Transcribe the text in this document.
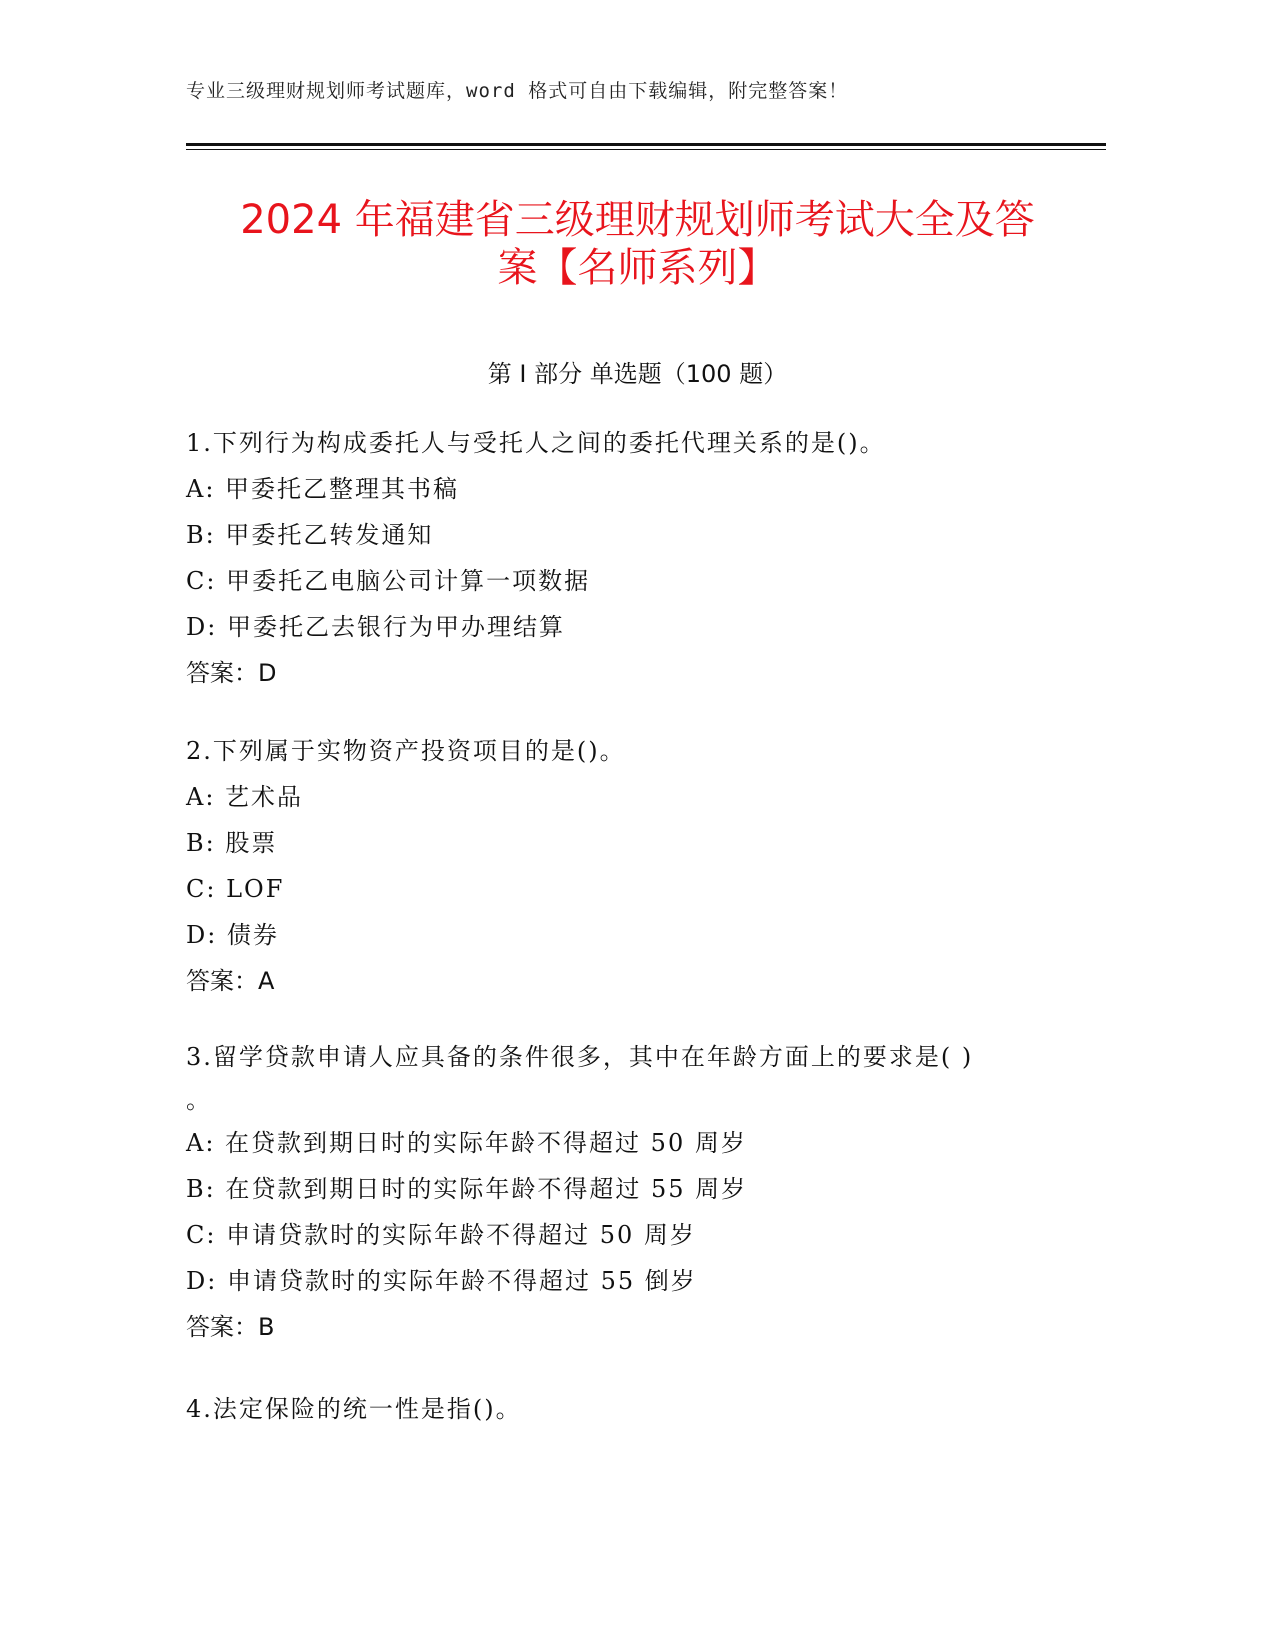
专业三级理财规划师考试题库，word 格式可自由下载编辑，附完整答案！
2024 年福建省三级理财规划师考试大全及答
案【名师系列】
第 I 部分 单选题（100 题）
1.下列行为构成委托人与受托人之间的委托代理关系的是()。
A: 甲委托乙整理其书稿
B: 甲委托乙转发通知
C: 甲委托乙电脑公司计算一项数据
D: 甲委托乙去银行为甲办理结算
答案：D
2.下列属于实物资产投资项目的是()。
A: 艺术品
B: 股票
C: LOF
D: 债券
答案：A
3.留学贷款申请人应具备的条件很多，其中在年龄方面上的要求是( )
。
A: 在贷款到期日时的实际年龄不得超过 50 周岁
B: 在贷款到期日时的实际年龄不得超过 55 周岁
C: 申请贷款时的实际年龄不得超过 50 周岁
D: 申请贷款时的实际年龄不得超过 55 倒岁
答案：B
4.法定保险的统一性是指()。
